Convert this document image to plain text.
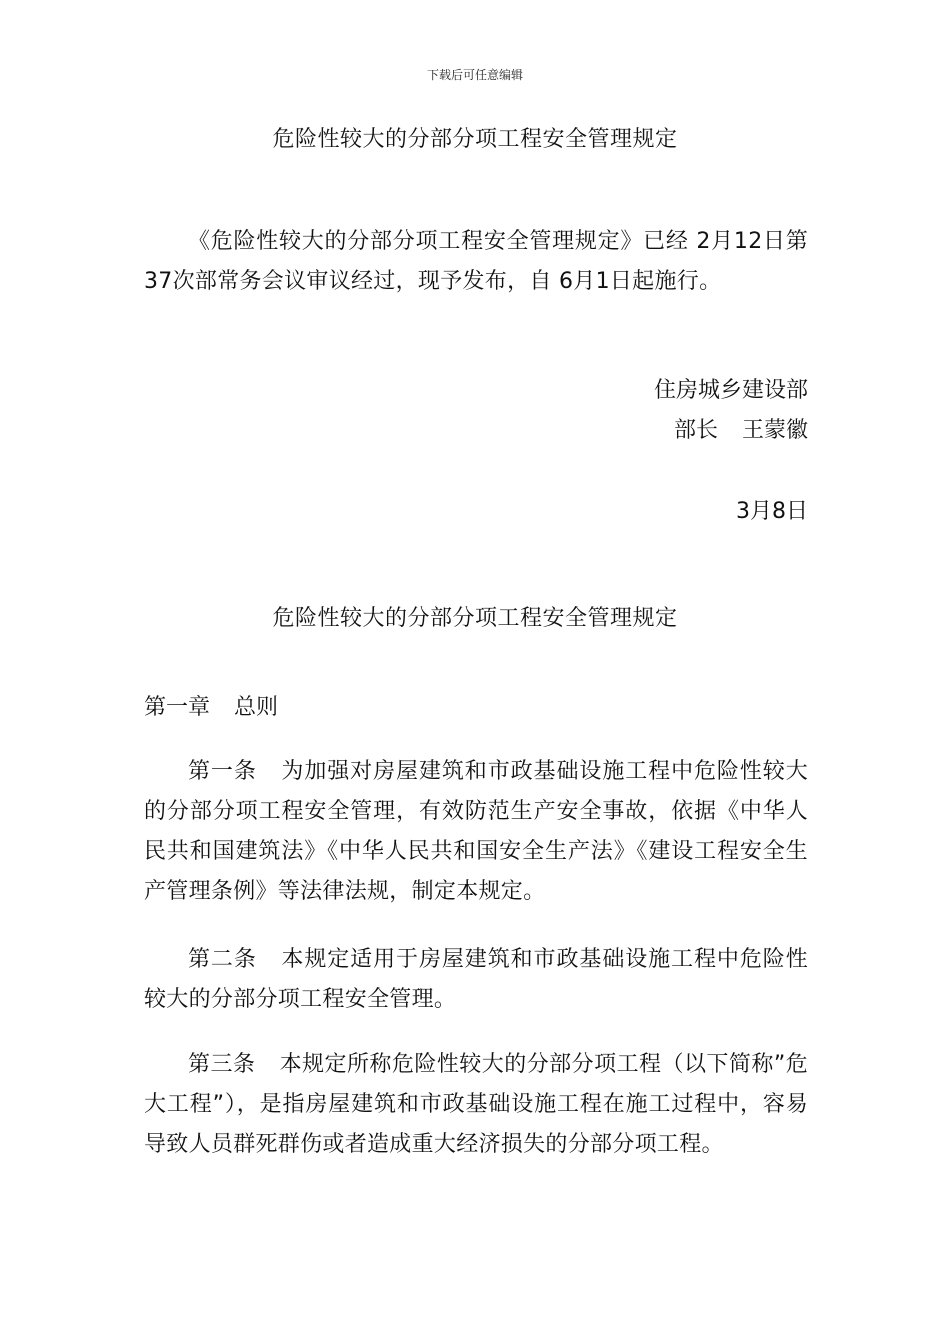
下载后可任意编辑
危险性较大的分部分项工程安全管理规定
《危险性较大的分部分项工程安全管理规定》已经 2月12日第37次部常务会议审议经过，现予发布，自 6月1日起施行。
住房城乡建设部
部长 王蒙徽
3月8日
危险性较大的分部分项工程安全管理规定
第一章 总则
第一条 为加强对房屋建筑和市政基础设施工程中危险性较大的分部分项工程安全管理，有效防范生产安全事故，依据《中华人民共和国建筑法》《中华人民共和国安全生产法》《建设工程安全生产管理条例》等法律法规，制定本规定。
第二条 本规定适用于房屋建筑和市政基础设施工程中危险性较大的分部分项工程安全管理。
第三条 本规定所称危险性较大的分部分项工程（以下简称”危大工程”），是指房屋建筑和市政基础设施工程在施工过程中，容易导致人员群死群伤或者造成重大经济损失的分部分项工程。
